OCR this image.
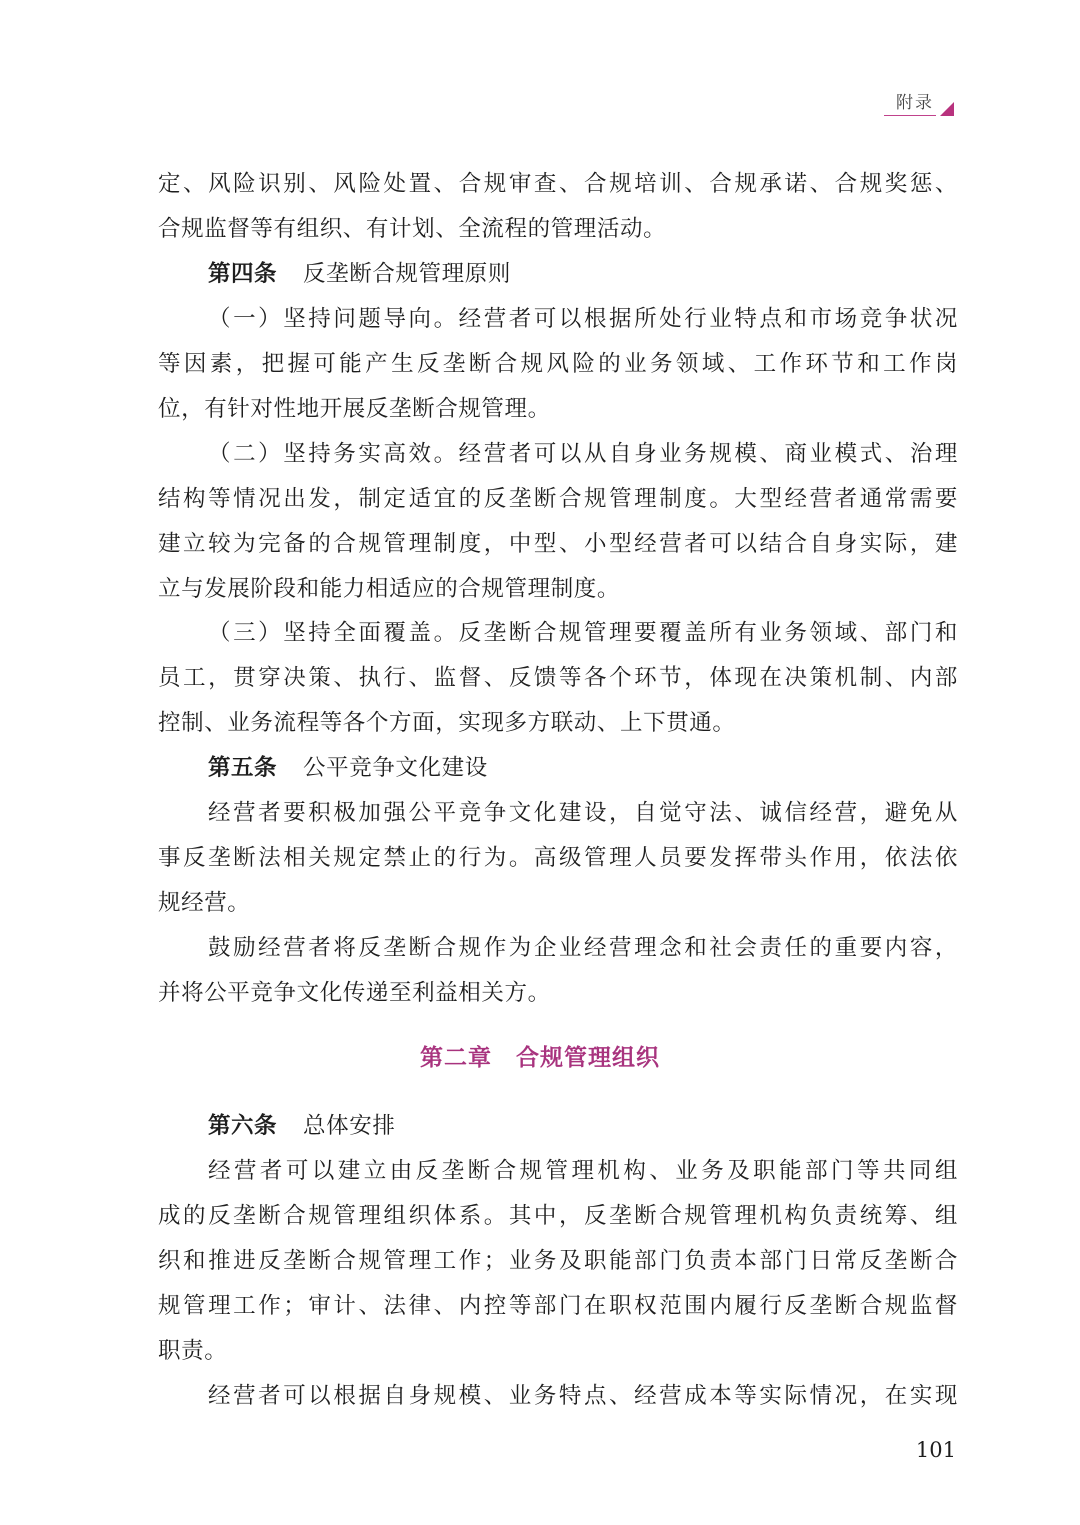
附录
定、风险识别、风险处置、合规审查、合规培训、合规承诺、合规奖惩、
合规监督等有组织、有计划、全流程的管理活动。
第四条 反垄断合规管理原则
（一）坚持问题导向。经营者可以根据所处行业特点和市场竞争状况
等因素，把握可能产生反垄断合规风险的业务领域、工作环节和工作岗
位，有针对性地开展反垄断合规管理。
（二）坚持务实高效。经营者可以从自身业务规模、商业模式、治理
结构等情况出发，制定适宜的反垄断合规管理制度。大型经营者通常需要
建立较为完备的合规管理制度，中型、小型经营者可以结合自身实际，建
立与发展阶段和能力相适应的合规管理制度。
（三）坚持全面覆盖。反垄断合规管理要覆盖所有业务领域、部门和
员工，贯穿决策、执行、监督、反馈等各个环节，体现在决策机制、内部
控制、业务流程等各个方面，实现多方联动、上下贯通。
第五条 公平竞争文化建设
经营者要积极加强公平竞争文化建设，自觉守法、诚信经营，避免从
事反垄断法相关规定禁止的行为。高级管理人员要发挥带头作用，依法依
规经营。
鼓励经营者将反垄断合规作为企业经营理念和社会责任的重要内容，
并将公平竞争文化传递至利益相关方。
第二章 合规管理组织
第六条 总体安排
经营者可以建立由反垄断合规管理机构、业务及职能部门等共同组
成的反垄断合规管理组织体系。其中，反垄断合规管理机构负责统筹、组
织和推进反垄断合规管理工作；业务及职能部门负责本部门日常反垄断合
规管理工作；审计、法律、内控等部门在职权范围内履行反垄断合规监督
职责。
经营者可以根据自身规模、业务特点、经营成本等实际情况，在实现
101
